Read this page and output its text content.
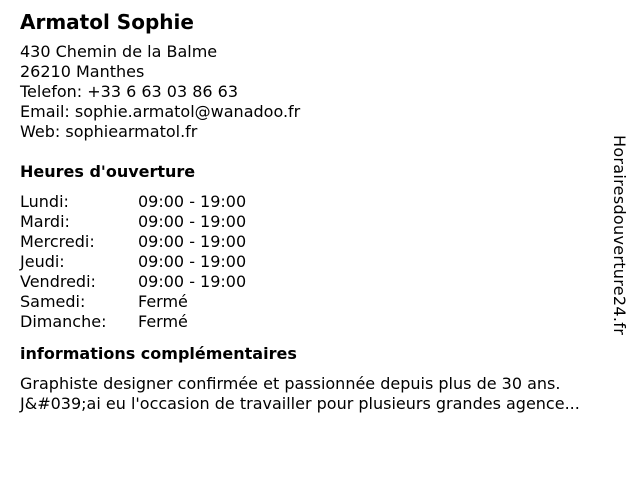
Armatol Sophie
430 Chemin de la Balme
26210 Manthes
Telefon: +33 6 63 03 86 63
Email: sophie.armatol@wanadoo.fr
Web: sophiearmatol.fr
Heures d'ouverture
Lundi:	09:00 - 19:00
Mardi:	09:00 - 19:00
Mercredi:	09:00 - 19:00
Jeudi:	09:00 - 19:00
Vendredi:	09:00 - 19:00
Samedi:	Fermé
Dimanche:	Fermé
informations complémentaires
Graphiste designer confirmée et passionnée depuis plus de 30 ans. J&#039;ai eu l'occasion de travailler pour plusieurs grandes agence...
Horairesdouverture24.fr
